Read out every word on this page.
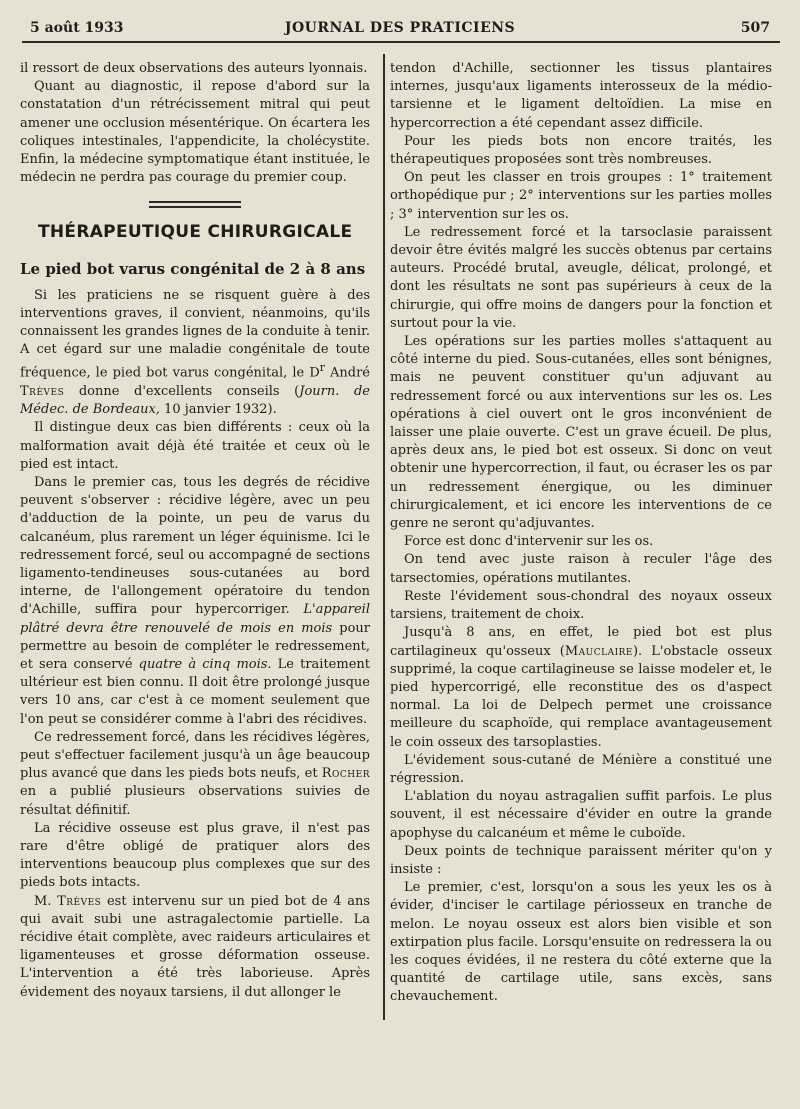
5 août 1933	JOURNAL DES PRATICIENS	507

il ressort de deux observations des auteurs lyonnais.

Quant au diagnostic, il repose d'abord sur la constatation d'un rétrécissement mitral qui peut amener une occlusion mésentérique. On écartera les coliques intestinales, l'appendicite, la cholécystite. Enfin, la médecine symptomatique étant instituée, le médecin ne perdra pas courage du premier coup.

THÉRAPEUTIQUE CHIRURGICALE

Le pied bot varus congénital de 2 à 8 ans

Si les praticiens ne se risquent guère à des interventions graves, il convient, néanmoins, qu'ils connaissent les grandes lignes de la conduite à tenir. A cet égard sur une maladie congénitale de toute fréquence, le pied bot varus congénital, le $D^r$ André Trèves donne d'excellents conseils (Journ. de Médec. de Bordeaux, 10 janvier 1932).

Il distingue deux cas bien différents : ceux où la malformation avait déjà été traitée et ceux où le pied est intact.

Dans le premier cas, tous les degrés de récidive peuvent s'observer : récidive légère, avec un peu d'adduction de la pointe, un peu de varus du calcanéum, plus rarement un léger équinisme. Ici le redressement forcé, seul ou accompagné de sections ligamento-tendineuses sous-cutanées au bord interne, de l'allongement opératoire du tendon d'Achille, suffira pour hypercorriger. L'appareil plâtré devra être renouvelé de mois en mois pour permettre au besoin de compléter le redressement, et sera conservé quatre à cinq mois. Le traitement ultérieur est bien connu. Il doit être prolongé jusque vers 10 ans, car c'est à ce moment seulement que l'on peut se considérer comme à l'abri des récidives.

Ce redressement forcé, dans les récidives légères, peut s'effectuer facilement jusqu'à un âge beaucoup plus avancé que dans les pieds bots neufs, et Rocher en a publié plusieurs observations suivies de résultat définitif.

La récidive osseuse est plus grave, il n'est pas rare d'être obligé de pratiquer alors des interventions beaucoup plus complexes que sur des pieds bots intacts.

M. Trèves est intervenu sur un pied bot de 4 ans qui avait subi une astragalectomie partielle. La récidive était complète, avec raideurs articulaires et ligamenteuses et grosse déformation osseuse. L'intervention a été très laborieuse. Après évidement des noyaux tarsiens, il dut allonger le

tendon d'Achille, sectionner les tissus plantaires internes, jusqu'aux ligaments interosseux de la médio-tarsienne et le ligament deltoïdien. La mise en hypercorrection a été cependant assez difficile.

Pour les pieds bots non encore traités, les thérapeutiques proposées sont très nombreuses.

On peut les classer en trois groupes : 1° traitement orthopédique pur ; 2° interventions sur les parties molles ; 3° intervention sur les os.

Le redressement forcé et la tarsoclasie paraissent devoir être évités malgré les succès obtenus par certains auteurs. Procédé brutal, aveugle, délicat, prolongé, et dont les résultats ne sont pas supérieurs à ceux de la chirurgie, qui offre moins de dangers pour la fonction et surtout pour la vie.

Les opérations sur les parties molles s'attaquent au côté interne du pied. Sous-cutanées, elles sont bénignes, mais ne peuvent constituer qu'un adjuvant au redressement forcé ou aux interventions sur les os. Les opérations à ciel ouvert ont le gros inconvénient de laisser une plaie ouverte. C'est un grave écueil. De plus, après deux ans, le pied bot est osseux. Si donc on veut obtenir une hypercorrection, il faut, ou écraser les os par un redressement énergique, ou les diminuer chirurgicalement, et ici encore les interventions de ce genre ne seront qu'adjuvantes.

Force est donc d'intervenir sur les os.

On tend avec juste raison à reculer l'âge des tarsectomies, opérations mutilantes.

Reste l'évidement sous-chondral des noyaux osseux tarsiens, traitement de choix.

Jusqu'à 8 ans, en effet, le pied bot est plus cartilagineux qu'osseux (Mauclaire). L'obstacle osseux supprimé, la coque cartilagineuse se laisse modeler et, le pied hypercorrigé, elle reconstitue des os d'aspect normal. La loi de Delpech permet une croissance meilleure du scaphoïde, qui remplace avantageusement le coin osseux des tarsoplasties.

L'évidement sous-cutané de Ménière a constitué une régression.

L'ablation du noyau astragalien suffit parfois. Le plus souvent, il est nécessaire d'évider en outre la grande apophyse du calcanéum et même le cuboïde.

Deux points de technique paraissent mériter qu'on y insiste :

Le premier, c'est, lorsqu'on a sous les yeux les os à évider, d'inciser le cartilage périosseux en tranche de melon. Le noyau osseux est alors bien visible et son extirpation plus facile. Lorsqu'ensuite on redressera la ou les coques évidées, il ne restera du côté externe que la quantité de cartilage utile, sans excès, sans chevauchement.
